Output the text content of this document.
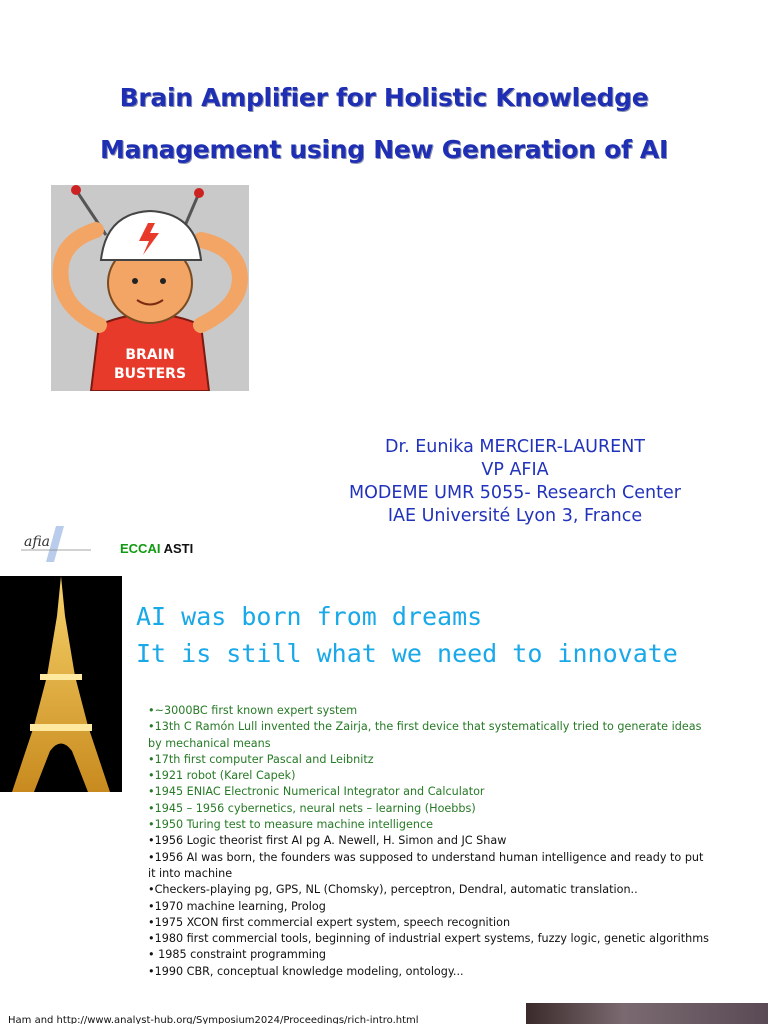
Brain Amplifier for Holistic Knowledge
Management using New Generation of AI
BRAIN
BUSTERS
Dr. Eunika MERCIER-LAURENT
VP AFIA
MODEME UMR 5055- Research Center
IAE Université Lyon 3, France
afia	ECCAI ASTI
AI was born from dreams
It is still what we need to innovate
•~3000BC first known expert system
•13th C Ramón Lull invented the Zairja, the first device that systematically tried to generate ideas by mechanical means
•17th first computer Pascal and Leibnitz
•1921 robot (Karel Capek)
•1945 ENIAC Electronic Numerical Integrator and Calculator
•1945 – 1956 cybernetics, neural nets – learning (Hoebbs)
•1950 Turing test to measure machine intelligence
•1956 Logic theorist first AI pg A. Newell, H. Simon and JC Shaw
•1956 AI was born, the founders was supposed to understand human intelligence and ready to put it into machine
•Checkers-playing pg, GPS, NL (Chomsky), perceptron, Dendral, automatic translation..
•1970 machine learning, Prolog
•1975 XCON first commercial expert system, speech recognition
•1980 first commercial tools, beginning of industrial expert systems, fuzzy logic, genetic algorithms
• 1985 constraint programming
•1990 CBR, conceptual knowledge modeling, ontology...
Ham and http://www.analyst-hub.org/Symposium2024/Proceedings/rich-intro.html
